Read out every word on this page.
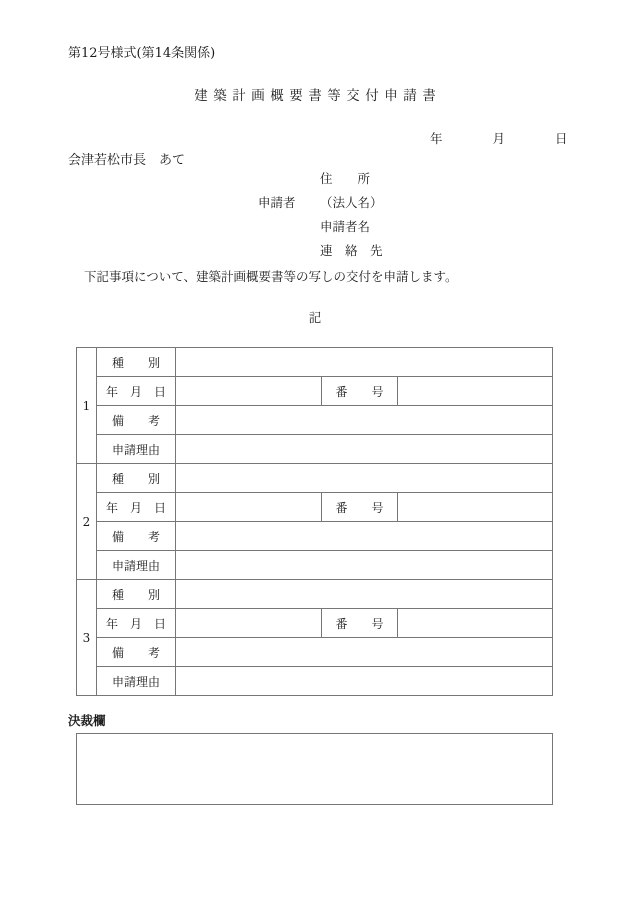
第12号様式(第14条関係)
建築計画概要書等交付申請書
年　　　　月　　　　日
会津若松市長　あて
申請者
住　　所
（法人名）
申請者名
連　絡　先
下記事項について、建築計画概要書等の写しの交付を申請します。
記
1	種　　別			

	年　月　日		番　　号	

	備　　考			

	申請理由			

2	種　　別			

	年　月　日		番　　号	

	備　　考			

	申請理由			

3	種　　別			

	年　月　日		番　　号	

	備　　考			

	申請理由			

決裁欄
